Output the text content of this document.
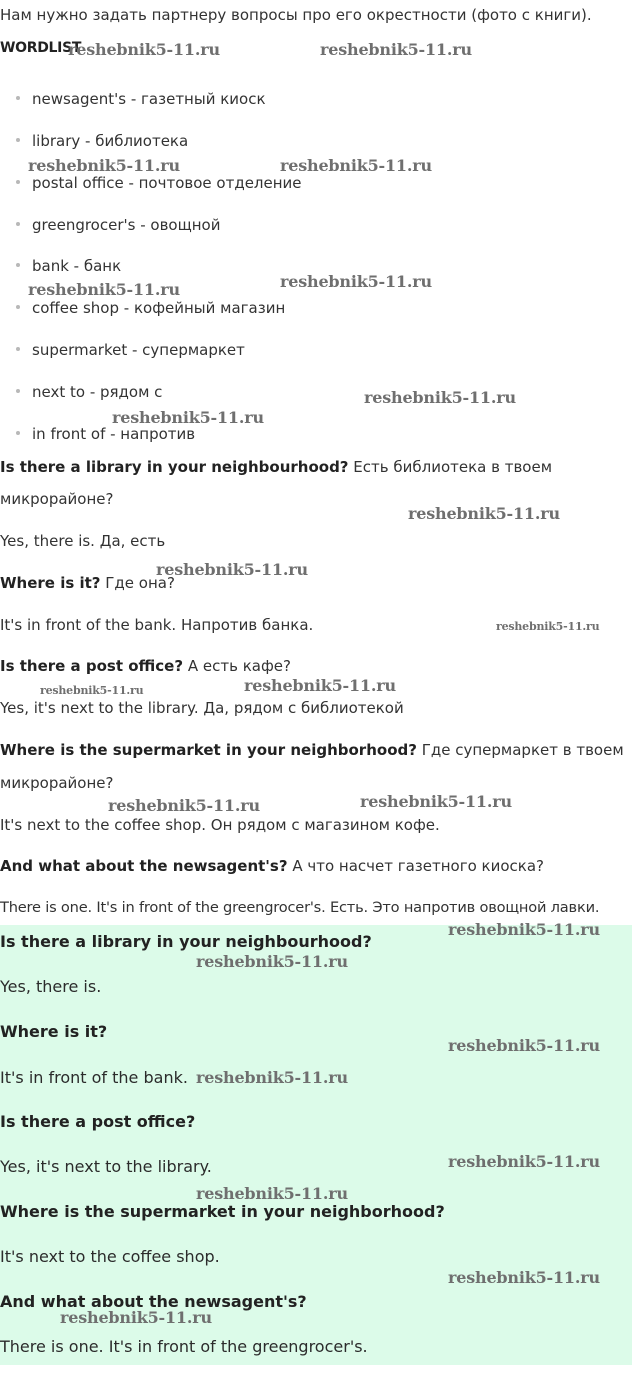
Нам нужно задать партнеру вопросы про его окрестности (фото с книги).
WORDLIST
newsagent's - газетный киоск
library - библиотека
postal office - почтовое отделение
greengrocer's - овощной
bank - банк
coffee shop - кофейный магазин
supermarket - супермаркет
next to - рядом с
in front of - напротив
Is there a library in your neighbourhood? Есть библиотека в твоем
микрорайоне?
Yes, there is. Да, есть
Where is it? Где она?
It's in front of the bank. Напротив банка.
Is there a post office? А есть кафе?
Yes, it's next to the library. Да, рядом с библиотекой
Where is the supermarket in your neighborhood? Где супермаркет в твоем
микрорайоне?
It's next to the coffee shop. Он рядом с магазином кофе.
And what about the newsagent's? А что насчет газетного киоска?
There is one. It's in front of the greengrocer's. Есть. Это напротив овощной лавки.
Is there a library in your neighbourhood?
Yes, there is.
Where is it?
It's in front of the bank.
Is there a post office?
Yes, it's next to the library.
Where is the supermarket in your neighborhood?
It's next to the coffee shop.
And what about the newsagent's?
There is one. It's in front of the greengrocer's.
reshebnik5-11.ru	reshebnik5-11.ru
reshebnik5-11.ru	reshebnik5-11.ru
reshebnik5-11.ru	reshebnik5-11.ru
reshebnik5-11.ru
reshebnik5-11.ru
reshebnik5-11.ru
reshebnik5-11.ru
reshebnik5-11.ru
reshebnik5-11.ru	reshebnik5-11.ru
reshebnik5-11.ru	reshebnik5-11.ru
reshebnik5-11.ru
reshebnik5-11.ru
reshebnik5-11.ru
reshebnik5-11.ru
reshebnik5-11.ru
reshebnik5-11.ru
reshebnik5-11.ru
reshebnik5-11.ru
